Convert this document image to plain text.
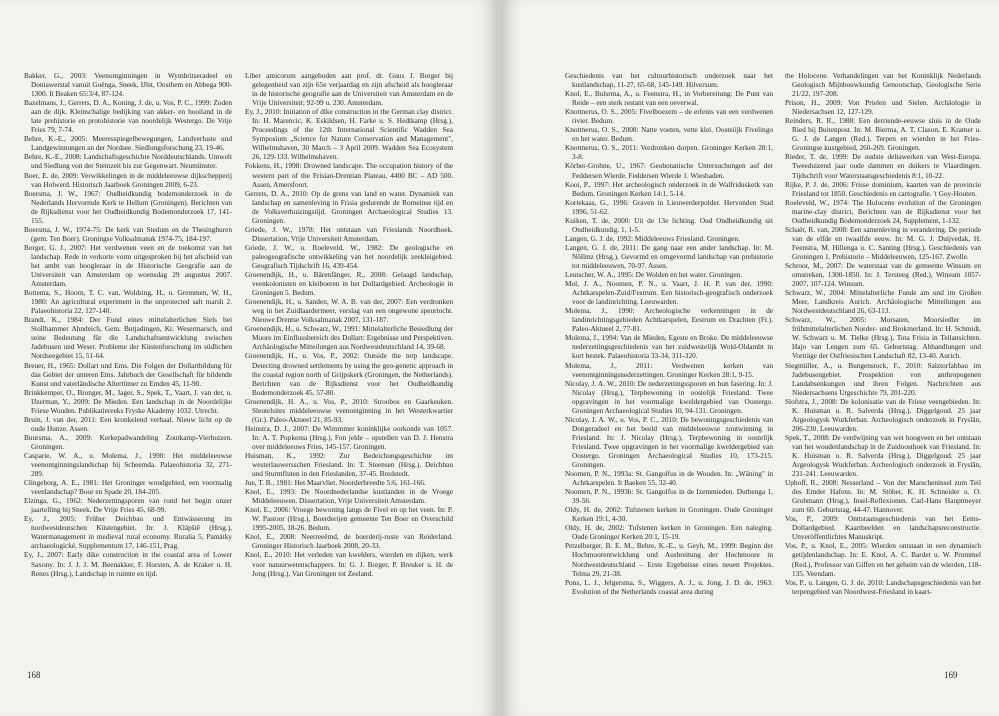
Bakker, G., 2003: Veenontginningen in Wymbritseradeel en Doniawerstal vanuit Goënga, Sneek, IJlst, Oosthem en Abbega 900-1300. It Beaken 65:3/4, 87-124.
Bazelmans, J., Gerrets, D. A., Koning, J. de, u. Vos, P. C., 1999: Zoden aan de dijk. Kleinschalige bedijking van akker- en hooiland in de late prehistorie en protohistorie van noordelijk Westergo. De Vrije Fries 79, 7-74.
Behre, K.-E., 2005: Meeresspiegelbewegungen, Landverluste und Landgewinnungen an der Nordsee. Siedlungsforschung 23, 19-46.
Behre, K.-E., 2008: Landschaftsgeschichte Norddeutschlands. Umwelt und Siedlung von der Steinzeit bis zur Gegenwart. Neumünster.
Boer, E. de, 2009: Verwikkelingen in de middeleeuwse dijkschepperij van Holwerd. Historisch Jaarboek Groningen 2009, 6-23.
Boersma, J. W., 1967: Oudheidkundig bodemonderzoek in de Nederlands Hervormde Kerk te Hellum (Groningen). Berichten van de Rijksdienst voor het Oudheidkundig Bodemonderzoek 17, 141-155.
Boersma, J. W., 1974-75: De kerk van Stedum en de Thesinghuren (gem. Ten Boer). Groningse Volksalmanak 1974-75, 184-197.
Borger, G. J., 2007: Het verdwenen veen en de toekomst van het landschap. Rede in verkorte vorm uitgesproken bij het afscheid van het ambt van hoogleraar in de Historische Geografie aan de Universiteit van Amsterdam op woensdag 29 augustus 2007. Amsterdam.
Bottema, S., Hoorn, T. C. van, Woldring, H., u. Gremmen, W. H., 1980: An agricultural experiment in the unprotected salt marsh 2. Palaeohistoria 22, 127-140.
Brandt, K., 1984: Der Fund eines mittelalterlichen Siels bei Stollhammer Ahndeich, Gem. Butjadingen, Kr. Wesermarsch, und seine Bedeutung für die Landschaftsentwicklung zwischen Jadebusen und Weser. Probleme der Küstenforschung im südlichen Nordseegebiet 15, 51-64.
Breuer, H., 1965: Dollart und Ems. Die Folgen der Dollartbildung für das Gebiet der unteren Ems. Jahrbuch der Gesellschaft für bildende Kunst und vaterländische Altertümer zu Emden 45, 11-90.
Brinkkemper, O., Bronger, M., Jager, S., Spek, T., Vaart, J. van der, u. IJzerman, Y., 2009: De Mieden. Een landschap in de Noordelijke Friese Wouden. Publikatiereeks Fryske Akademy 1032. Utrecht.
Bruin, J. van der, 2011: Een kronkelend verhaal. Nieuw licht op de oude Hunze. Assen.
Buursma, A., 2009: Kerkepadwandeling Zoutkamp-Vierhuizen. Groningen.
Casparie, W. A., u. Molema, J., 1990: Het middeleeuwse veenontginningslandschap bij Scheemda. Palaeohistoria 32, 271-289.
Clingeborg, A. E., 1981: Het Groninger woudgebied, een voormalig veenlandschap? Boor en Spade 20, 184-205.
Elzinga, G., 1962: Nederzettingsporen van rond het begin onzer jaartelling bij Sneek. De Vrije Fries 45, 68-99.
Ey, J., 2005: Früher Deichbau und Entwässerung im nordwestdeutschen Küstengebiet. In: J. Klápště (Hrsg.), Watermanagement in medieval rural economy. Ruralia 5, Památky archaeologické, Supplementum 17, 146-151, Prag.
Ey, J., 2007: Early dike construction in the coastal area of Lower Saxony. In: J. J. J. M. Beenakker, F. Horsten, A. de Kraker u. H. Renes (Hrsg.), Landschap in ruimte en tijd.
Liber amicorum aangeboden aan prof. dr. Guus J. Borger bij gelegenheid van zijn 65e verjaardag en zijn afscheid als hoogleraar in de historische geografie aan de Universiteit van Amsterdam en de Vrije Universiteit; 92-99 u. 230. Amsterdam.
Ey, J., 2010: Initiation of dike construction in the German clay district. In: H. Marencic, K. Eskildsen, H. Farke u. S. Hedtkamp (Hrsg.), Proceedings of the 12th International Scientific Wadden Sea Symposium „Science for Nature Conservation and Management", Wilhelmshaven, 30 March – 3 April 2009. Wadden Sea Ecosystem 26, 129-133. Wilhelmshaven.
Fokkens, H., 1998: Drowned landscape. The occupation history of the western part of the Frisian-Drentian Plateau, 4400 BC – AD 500. Assen, Amersfoort.
Gerrets, D. A., 2010: Op de grens van land en water. Dynamiek van landschap en samenleving in Frisia gedurende de Romeinse tijd en de Volksverhuizingstijd. Groningen Archaeological Studies 13. Groningen.
Griede, J. W., 1978: Het ontstaan van Frieslands Noordhoek. Dissertation, Vrije Universiteit Amsterdam.
Griede, J. W., u. Roeleveld, W., 1982: De geologische en paleogeografische ontwikkeling van het noordelijk zeekleigebied. Geografisch Tijdschrift 16, 439-454.
Groenendijk, H., u. Bärenfänger, R., 2008: Gelaagd landschap, veenkolonisten en kleiboeren in het Dollardgebied. Archeologie in Groningen 5. Bedum.
Groenendijk, H., u. Sanden, W. A. B. van der, 2007: Een verdronken weg in het Zuidlaardermeer, verslag van een ongewone speurtocht. Nieuwe Drentse Volksalmanak 2007, 131-187.
Groenendijk, H., u. Schwarz, W., 1991: Mittelalterliche Besiedlung der Moore im Einflussbereich des Dollart: Ergebnisse und Perspektiven. Archäologische Mitteilungen aus Nordwestdeutschland 14, 39-68.
Groenendijk, H., u. Vos, P., 2002: Outside the terp landscape. Detecting drowned settlements by using the geo-genetic approach in the coastal region north of Grijpskerk (Groningen, the Netherlands). Berichten van de Rijksdienst voor het Oudheidkundig Bodemonderzoek 45, 57-80.
Groenendijk, H. A., u. Vos, P., 2010: Stroobos en Gaarkeuken. Sleutelsites middeleeuwse veenontginning in het Westerkwartier (Gr.). Paleo-Aktueel 21, 85-93.
Heinstra, D. J., 2007: De Wimmmer koninklijke oorkonde van 1057. In: A. T. Popkema (Hrsg.), Fon jelde – opstellen van D. J. Henstra over middeleeuws Fries, 145-157. Groningen.
Huisman, K., 1992: Zur Bedeichungsgeschichte im westerlauwersschen Friesland. In: T. Steensen (Hrsg.), Deichbau und Sturmfluten in den Frieslanden, 37-45. Bredstedt.
Jue, T. B., 1981: Het Maarvliet. Noorderbreedte 5:6, 161-166.
Knol, E., 1993: De Noordnederlandse kustlanden in de Vroege Middeleeuwen. Dissertation, Vrije Universiteit Amsterdam.
Knol, E., 2006: Vroege bewoning langs de Fivel en op het veen. In: P. W. Pastoor (Hrsg.), Boerderijen gemeente Ten Boer en Overschild 1995-2005, 18-26. Bedum.
Knol, E., 2008: Neerreeëmd, de boerderij-ruste van Reiderland. Groninger Historisch Jaarboek 2008, 20-33.
Knol, E., 2010: Het verleden van kwelders, wierden en dijken, werk voor natuurwetenschappers. In: G. J. Borger, P. Breuker u. H. de Jong (Hrsg.), Van Groningen tot Zeeland.
168
Geschiedenis van het cultuurhistorisch onderzoek naar het kustlandschap, 11-27, 65-68, 145-149. Hilversum.
Knol, E., Bulsrma, A., u. Feenstra, H., in Vorbereitung: De Punt van Reide – een sterk restant van een oeverwal.
Knottnerus, O. S., 2005: Fivelboezem – de erfenis van een verdwenen rivier. Bedum.
Knottnerus, O. S., 2008: Natte voeten, vette klei. Oosteiijk Fivelingo en het water. Bedum.
Knottnerus, O. S., 2011: Verdronken dorpen. Groninger Kerken 28:1, 3-8.
Körber-Grohne, U., 1967: Geobotanische Untersuchungen auf der Feddersen Wierde. Feddersen Wierde 1. Wiesbaden.
Kooi, P., 1997: Het archeologisch onderzoek in de Walfridusketk van Bedum. Groningen Kerken 14:1, 5-14.
Kortekaas, G., 1996: Graven in Lieuwerderpolder. Hervonden Stad 1996, 51-62.
Kuiken, T. de, 2000: Uit de 13e lichting. Oud Ondheidkundig uit Ondheidkundig. 1, 1-5.
Langen, G. J. de, 1992: Middeleeuws Friesland. Groningen.
Langen, G. J. de, 2011: De gang naar een ander landschap. In: M. Nöllmz (Hrsg.), Gevormd en omgevormd landschap van prehistorie tot middeleeuwen, 70-97. Assen.
Leutscher, W. A., 1995: De Wolden en het water. Groningen.
Mol, J. A., Noomen, P. N., u. Vaart, J. H. P. van der, 1990: Achtkarspelen-Zuid/Festrum. Een historisch-geografisch onderzoek voor de landinrichting. Leeuwarden.
Molema, J., 1990: Archeologische verkenningen in de landinrichtingsgebieden Achtkarspelen, Eestrum en Drachten (Fr.). Paleo-Aktueel 2, 77-81.
Molema, J., 1994: Van de Mieden, Egeste en Broke. De middeleeuwse nederzettingsgeschiedenis van het zuidwestelijk Wold-Oldambt in kort bestek. Palaeohistoria 33-34, 311-320.
Molema, J., 2011: Verdwenen kerken van veenontginningsnederzettingen. Groninger Kerken 28:1, 9-15.
Nicolay, J. A. W., 2010: De nederzettingssporen en hun fasering. In: J. Nicolay (Hrsg.), Terpbewoning in oostelijk Friesland. Twee opgravingen in het voormalige kweldergebied van Oostergo. Groningen Archaeological Studies 10, 94-131. Groningen.
Nicolay, J. A. W., u. Vos, P. C., 2010: De bewoningsgeschiedenis van Dongeradeel en het beeld van middeleeuwse zoutwinning in Friesland. In: J. Nicolay (Hrsg.), Terpbewoning in oostelijk Friesland. Twee opgravingen in het voormalige kweldergebied van Oostergo. Groningen Archaeological Studies 10, 173-215. Groningen.
Noomen, P. N., 1993a: St. Gangolfus in de Wouden. In: „Wâning" in Achtkarspelen. It Baeken 55, 32-40.
Noomen, P. N., 1993b: St. Gangolfus in de Izemmieden. Dutbenga 1, 39-56.
Oldy, H. de, 2002: Tufstenen kerken in Groningen. Oude Groninger Kerken 19:1, 4-30.
Oldy, H. de, 2002: Tufstenen kerken in Groningen. Een naleging. Oude Groninger Kerken 20:1, 15-19.
Petzelberger, B. E. M., Behre, K.-E., u. Geyh, M., 1999: Beginn der Hochmoorentwicklung und Ausbreitung der Hochmoore in Nordwestdeutschland – Erste Ergebnisse eines neuen Projektes. Telma 29, 21-38.
Pons, L. J., Jelgersma, S., Wiggers, A. J., u. Jong, J. D. de, 1963: Evolution of the Netherlands coastal area during
the Holocene. Verhandelingen van het Koninklijk Nederlands Geologisch Mijnbouwkundig Genootschap, Geologische Serie 21/22, 197-208.
Prison, H., 2009: Von Prielen und Sielen. Archäologie in Niedersachsen 12, 127-129.
Reinders, R. R., 1988: Een derriende-eeuwse sluis in de Oude Ried bij Buitenpost. In: M. Bierma, A. T. Clason, E. Kramer u. G. J. de Langen (Red.), Terpen en wierden in het Fries-Groningse kustgebied, 260-269. Groningen.
Rieder, T. de, 1999: De oudste deltawerken van West-Europa. Tweeduizend jaar oude dammen en duikers te Vlaardingen. Tijdschrift voor Waterstaatsgeschiedenis 8:1, 10-22.
Rijke, P. J. de, 2006: Frisse dominium, kaarten van de provincie Friesland tot 1850. Geschiedenis en cartografie. 't Goy-Houten.
Roeleveld, W., 1974: The Holocene evolution of the Groningen marine-clay district, Berichten van de Rijksdienst voor het Oudheidkundig Bodemonderzoek 24, Supplement, 1-132.
Schaër, R. van, 2008: Een samenleving in verandering. De periode van de elfde en twaalfde eeuw. In: M. G. J. Duijvedak, H. Feenstra, M. Hillenga u. C. Santing (Hrsg.), Geschiedenis van Groningen 1. Prehistorie – Middeleeuwen, 125-167. Zwolle.
Schroor, M., 2007: De waterstaat van de gemeente Winsum en omstreken, 1300-1850. In: J. Tersteeg (Red.), Winsum 1057-2007, 107-124. Winsum.
Schwarz, W., 2004: Mittelalterliche Funde am und im Großen Meer, Landkreis Aurich. Archäologische Mitteilungen aus Nordwestdeutschland 26, 63-113.
Schwarz, W., 2005: Morsaten, Moorsiedler im frühmittelalterlichen Norder- und Brokmerland. In: H. Schmidt, W. Schwarz u. M. Tielke (Hrsg.), Tota Frisia in Teilansichten. Hajo van Lengen zum 65. Geburtstag. Abhandlungen und Vorträge der Ostfriesischen Landschaft 82, 13-40. Aurich.
Siegmüller, A., u. Bungenstock, F., 2010: Salztorfabbau im Jadebusengebiet. Prospektion von anthropogenen Landabsenkungen und ihren Folgen. Nachrichten aus Niedersachsens Urgeschichte 79, 201-220.
Slofstra, J., 2008: De kolonisatie van de Friese veengebieden. In: K. Huisman u. R. Salverda (Hrsg.), Diggelgoud. 25 jaar Argeologysk Wurkferban. Archeologisch onderzoek in Fryslân, 206-230. Leeuwarden.
Spek, T., 2008: De verdwijning van wet hoogveen en het ontstaan van het woudenlandschap in de Zuidoosthoek van Friesland. In: K. Huisman u. R. Salverda (Hrsg.), Diggelgoud. 25 jaar Argeologysk Wurkferban. Archeologisch onderzoek in Fryslân, 231-241. Leeuwarden.
Uphoff, R., 2008: Nesserland – Von der Marscheninsel zum Teil des Emder Hafens. In: M. Stöber, K. H. Schneider u. O. Grohmann (Hrsg.), Insel-Reflexionen. Carl-Hans Hauptmeyer zum 60. Geburtstag, 44-47. Hannover.
Vos, P., 2009: Onttstaansgeschiedenis van het Eems-Dollardgebied. Kaartbeelden en landschapsreconstructie. Unveröffentlichtes Manuskript.
Vos, P., u. Knol, E., 2005: Wierden ontstaan in een dynamisch getijdenlandschap. In: E. Knol, A. C. Bardet u. W. Prummel (Red.), Professor van Giffen en het geheim van de wierden, 118-135. Veendam.
Vos, P., u. Langen, G. J. de, 2010: Landschapsgeschiedenis van het terpengebied van Noordwest-Friesland in kaart-
169
